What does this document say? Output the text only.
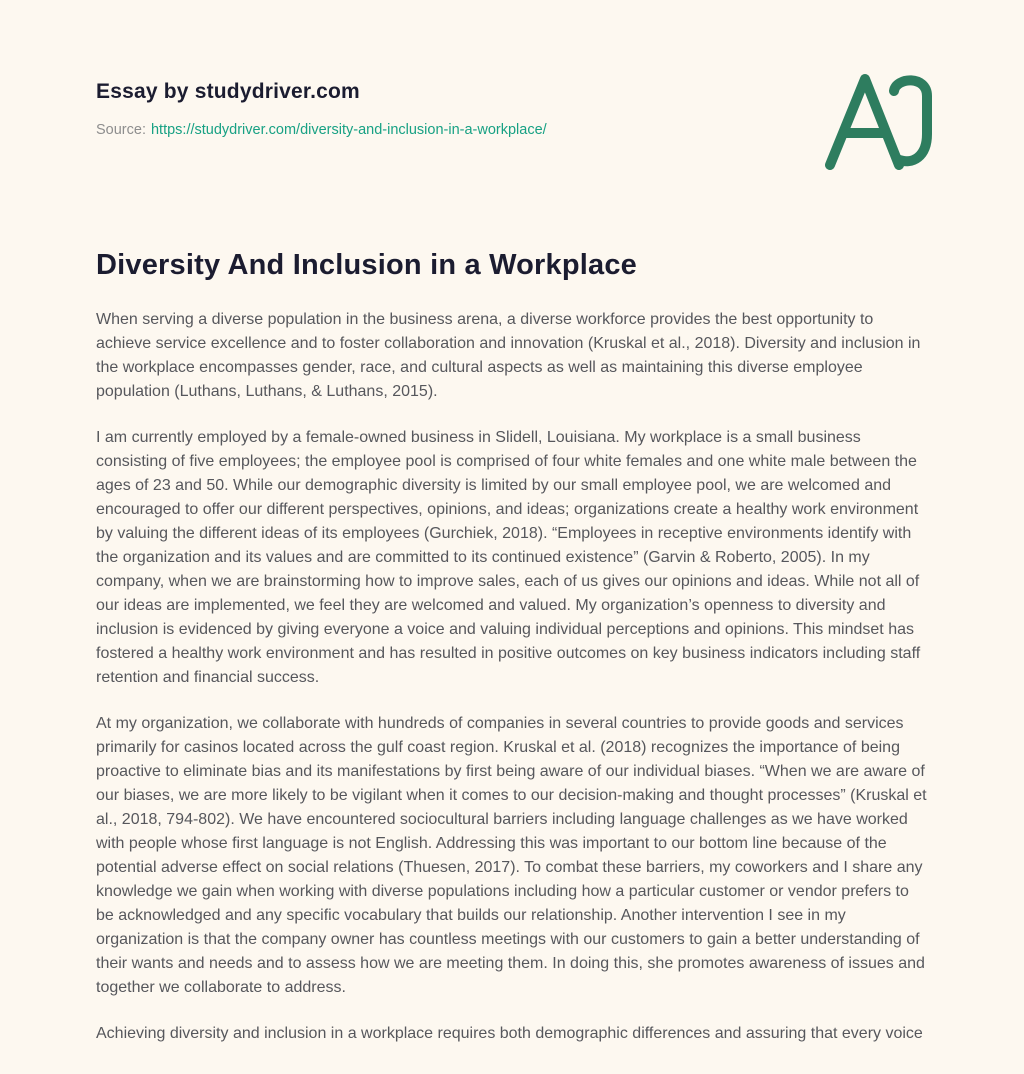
Essay by studydriver.com

Source: https://studydriver.com/diversity-and-inclusion-in-a-workplace/

Diversity And Inclusion in a Workplace

When serving a diverse population in the business arena, a diverse workforce provides the best opportunity to achieve service excellence and to foster collaboration and innovation (Kruskal et al., 2018). Diversity and inclusion in the workplace encompasses gender, race, and cultural aspects as well as maintaining this diverse employee population (Luthans, Luthans, & Luthans, 2015).

I am currently employed by a female-owned business in Slidell, Louisiana. My workplace is a small business consisting of five employees; the employee pool is comprised of four white females and one white male between the ages of 23 and 50. While our demographic diversity is limited by our small employee pool, we are welcomed and encouraged to offer our different perspectives, opinions, and ideas; organizations create a healthy work environment by valuing the different ideas of its employees (Gurchiek, 2018). “Employees in receptive environments identify with the organization and its values and are committed to its continued existence” (Garvin & Roberto, 2005). In my company, when we are brainstorming how to improve sales, each of us gives our opinions and ideas. While not all of our ideas are implemented, we feel they are welcomed and valued. My organization’s openness to diversity and inclusion is evidenced by giving everyone a voice and valuing individual perceptions and opinions. This mindset has fostered a healthy work environment and has resulted in positive outcomes on key business indicators including staff retention and financial success.

At my organization, we collaborate with hundreds of companies in several countries to provide goods and services primarily for casinos located across the gulf coast region. Kruskal et al. (2018) recognizes the importance of being proactive to eliminate bias and its manifestations by first being aware of our individual biases. “When we are aware of our biases, we are more likely to be vigilant when it comes to our decision-making and thought processes” (Kruskal et al., 2018, 794-802). We have encountered sociocultural barriers including language challenges as we have worked with people whose first language is not English. Addressing this was important to our bottom line because of the potential adverse effect on social relations (Thuesen, 2017). To combat these barriers, my coworkers and I share any knowledge we gain when working with diverse populations including how a particular customer or vendor prefers to be acknowledged and any specific vocabulary that builds our relationship. Another intervention I see in my organization is that the company owner has countless meetings with our customers to gain a better understanding of their wants and needs and to assess how we are meeting them. In doing this, she promotes awareness of issues and together we collaborate to address.

Achieving diversity and inclusion in a workplace requires both demographic differences and assuring that every voice
